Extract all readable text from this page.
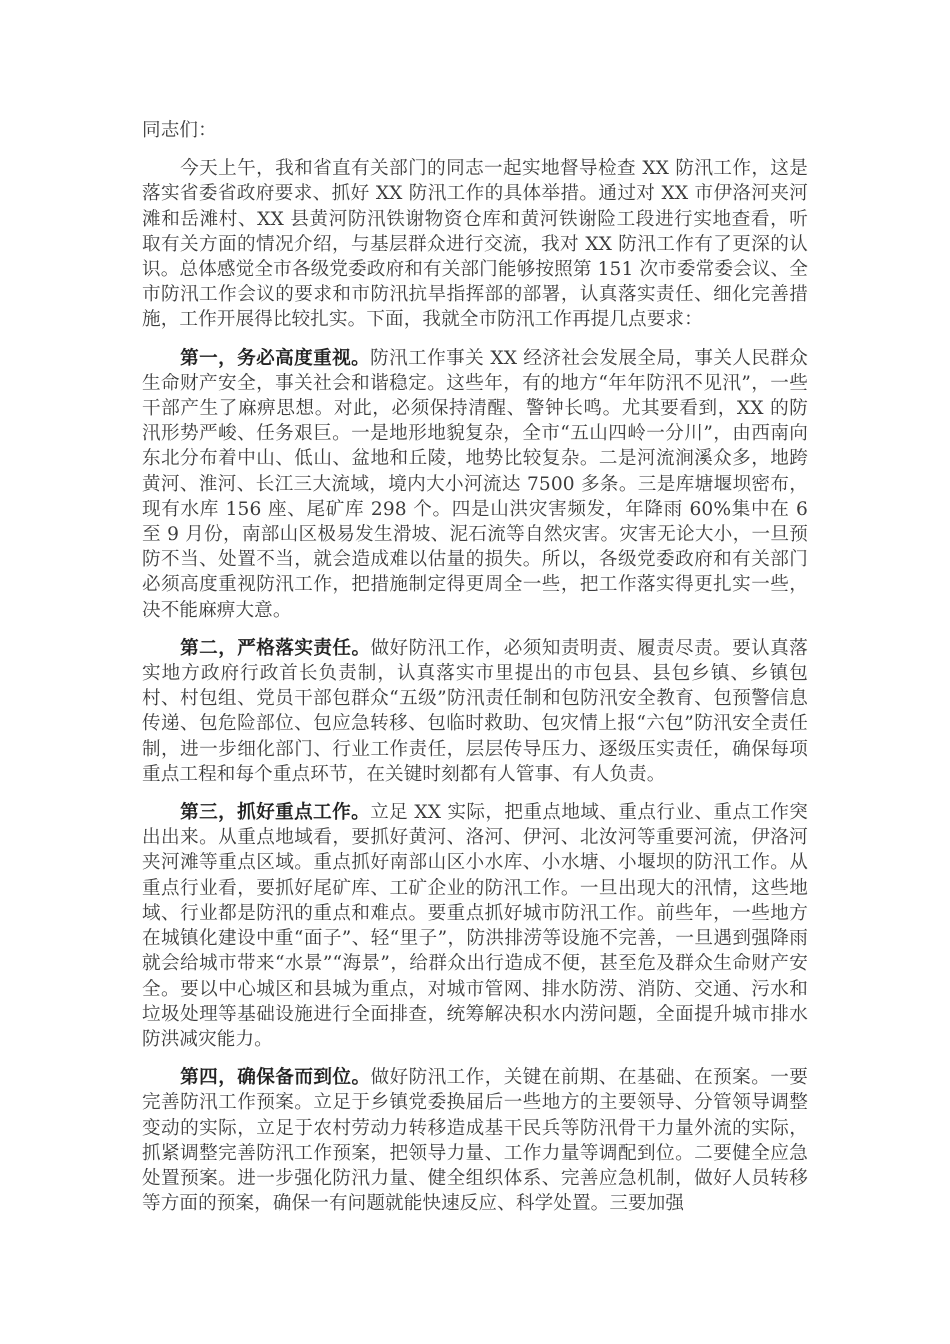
同志们：

今天上午，我和省直有关部门的同志一起实地督导检查 XX 防汛工作，这是落实省委省政府要求、抓好 XX 防汛工作的具体举措。通过对 XX 市伊洛河夹河滩和岳滩村、XX 县黄河防汛铁谢物资仓库和黄河铁谢险工段进行实地查看，听取有关方面的情况介绍，与基层群众进行交流，我对 XX 防汛工作有了更深的认识。总体感觉全市各级党委政府和有关部门能够按照第 151 次市委常委会议、全市防汛工作会议的要求和市防汛抗旱指挥部的部署，认真落实责任、细化完善措施，工作开展得比较扎实。下面，我就全市防汛工作再提几点要求：

第一，务必高度重视。防汛工作事关 XX 经济社会发展全局，事关人民群众生命财产安全，事关社会和谐稳定。这些年，有的地方“年年防汛不见汛”，一些干部产生了麻痹思想。对此，必须保持清醒、警钟长鸣。尤其要看到，XX 的防汛形势严峻、任务艰巨。一是地形地貌复杂，全市“五山四岭一分川”，由西南向东北分布着中山、低山、盆地和丘陵，地势比较复杂。二是河流涧溪众多，地跨黄河、淮河、长江三大流域，境内大小河流达 7500 多条。三是库塘堰坝密布，现有水库 156 座、尾矿库 298 个。四是山洪灾害频发，年降雨 60%集中在 6 至 9 月份，南部山区极易发生滑坡、泥石流等自然灾害。灾害无论大小，一旦预防不当、处置不当，就会造成难以估量的损失。所以，各级党委政府和有关部门必须高度重视防汛工作，把措施制定得更周全一些，把工作落实得更扎实一些，决不能麻痹大意。

第二，严格落实责任。做好防汛工作，必须知责明责、履责尽责。要认真落实地方政府行政首长负责制，认真落实市里提出的市包县、县包乡镇、乡镇包村、村包组、党员干部包群众“五级”防汛责任制和包防汛安全教育、包预警信息传递、包危险部位、包应急转移、包临时救助、包灾情上报“六包”防汛安全责任制，进一步细化部门、行业工作责任，层层传导压力、逐级压实责任，确保每项重点工程和每个重点环节，在关键时刻都有人管事、有人负责。

第三，抓好重点工作。立足 XX 实际，把重点地域、重点行业、重点工作突出出来。从重点地域看，要抓好黄河、洛河、伊河、北汝河等重要河流，伊洛河夹河滩等重点区域。重点抓好南部山区小水库、小水塘、小堰坝的防汛工作。从重点行业看，要抓好尾矿库、工矿企业的防汛工作。一旦出现大的汛情，这些地域、行业都是防汛的重点和难点。要重点抓好城市防汛工作。前些年，一些地方在城镇化建设中重“面子”、轻“里子”，防洪排涝等设施不完善，一旦遇到强降雨就会给城市带来“水景”“海景”，给群众出行造成不便，甚至危及群众生命财产安全。要以中心城区和县城为重点，对城市管网、排水防涝、消防、交通、污水和垃圾处理等基础设施进行全面排查，统筹解决积水内涝问题，全面提升城市排水防洪减灾能力。

第四，确保备而到位。做好防汛工作，关键在前期、在基础、在预案。一要完善防汛工作预案。立足于乡镇党委换届后一些地方的主要领导、分管领导调整变动的实际，立足于农村劳动力转移造成基干民兵等防汛骨干力量外流的实际，抓紧调整完善防汛工作预案，把领导力量、工作力量等调配到位。二要健全应急处置预案。进一步强化防汛力量、健全组织体系、完善应急机制，做好人员转移等方面的预案，确保一有问题就能快速反应、科学处置。三要加强
